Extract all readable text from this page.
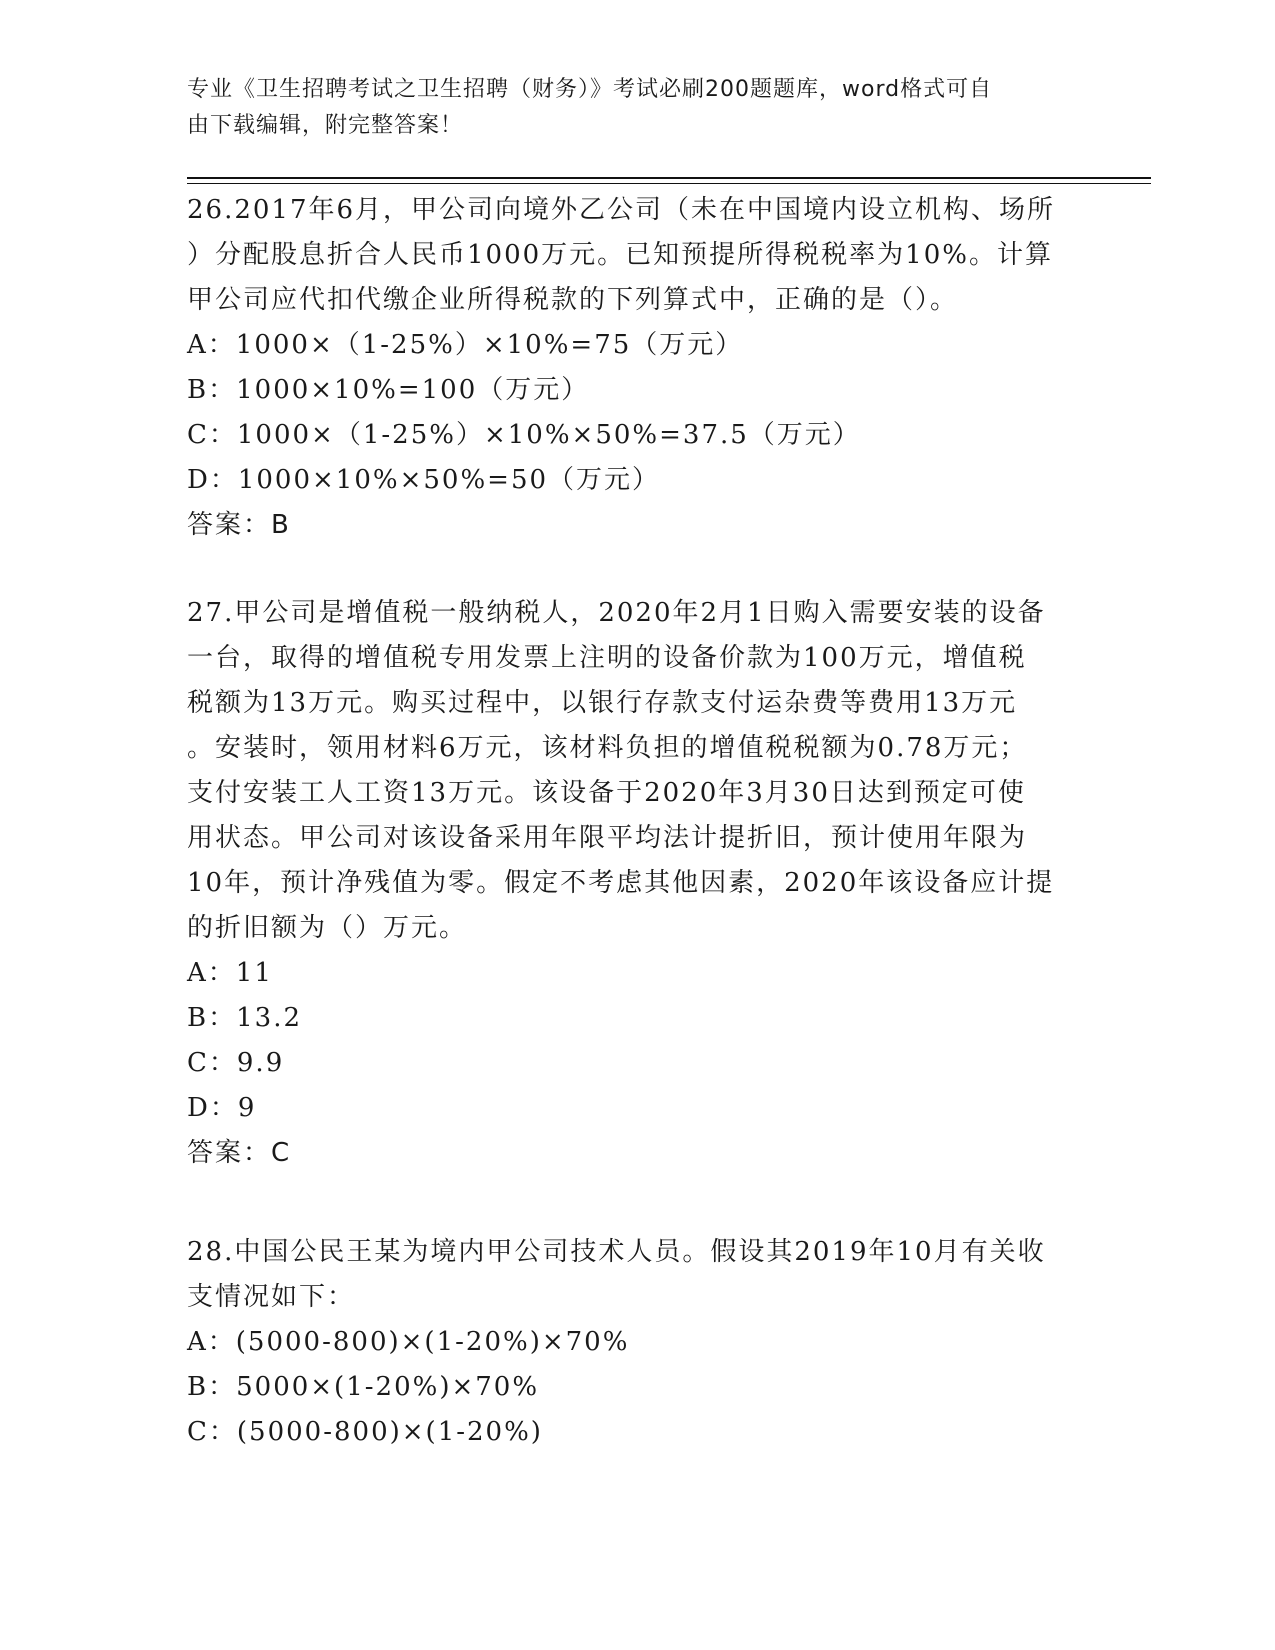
专业《卫生招聘考试之卫生招聘（财务）》考试必刷200题题库，word格式可自
由下载编辑，附完整答案！
26.2017年6月，甲公司向境外乙公司（未在中国境内设立机构、场所
）分配股息折合人民币1000万元。已知预提所得税税率为10%。计算
甲公司应代扣代缴企业所得税款的下列算式中，正确的是（）。
A：1000×（1-25%）×10%=75（万元）
B：1000×10%=100（万元）
C：1000×（1-25%）×10%×50%=37.5（万元）
D：1000×10%×50%=50（万元）
答案：B
27.甲公司是增值税一般纳税人，2020年2月1日购入需要安装的设备
一台，取得的增值税专用发票上注明的设备价款为100万元，增值税
税额为13万元。购买过程中，以银行存款支付运杂费等费用13万元
。安装时，领用材料6万元，该材料负担的增值税税额为0.78万元；
支付安装工人工资13万元。该设备于2020年3月30日达到预定可使
用状态。甲公司对该设备采用年限平均法计提折旧，预计使用年限为
10年，预计净残值为零。假定不考虑其他因素，2020年该设备应计提
的折旧额为（）万元。
A：11
B：13.2
C：9.9
D：9
答案：C
28.中国公民王某为境内甲公司技术人员。假设其2019年10月有关收
支情况如下：
A：(5000-800)×(1-20%)×70%
B：5000×(1-20%)×70%
C：(5000-800)×(1-20%)
